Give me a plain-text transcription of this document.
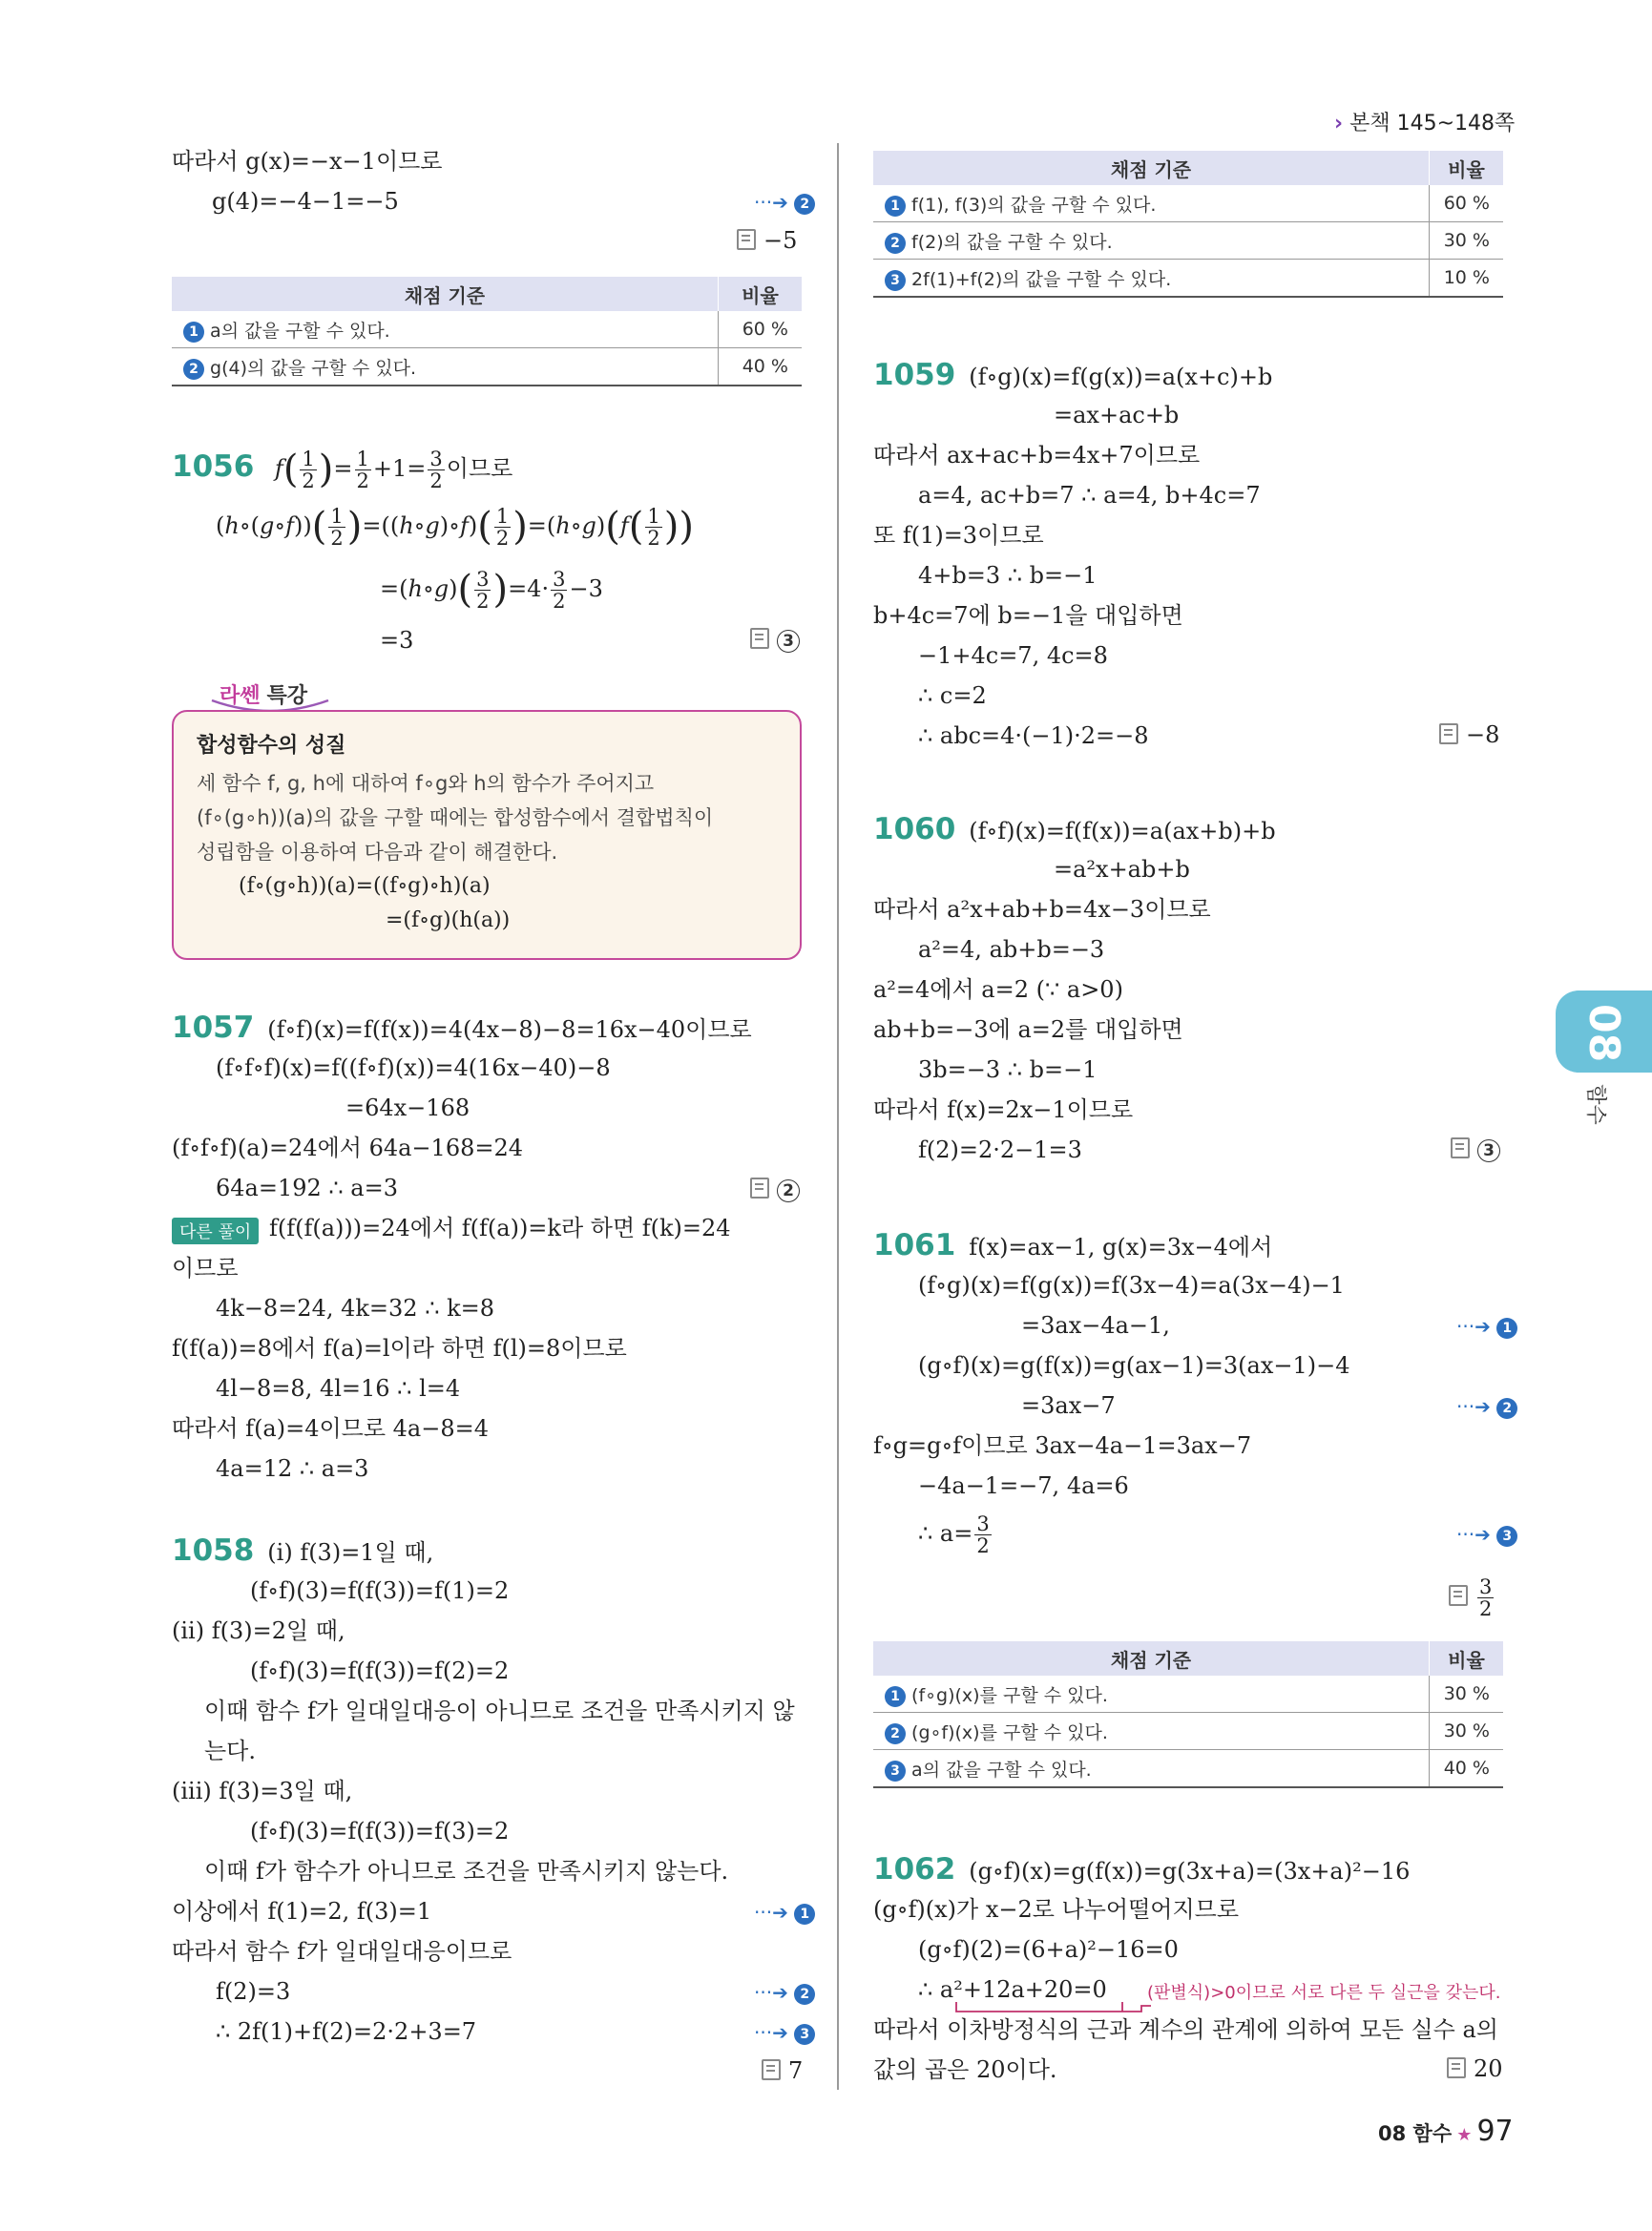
› 본책 145~148쪽
따라서 g(x)=−x−1이므로
g(4)=−4−1=−5	···➔ 2
−5
채점 기준	비율
1 a의 값을 구할 수 있다.	60 %
2 g(4)의 값을 구할 수 있다.	40 %
1056 $f( \frac{1}{2}$ )= $\frac{1}{2} +1= \frac{3}{2}$ 이므로
(h∘(g∘f))( $\frac{1}{2}$ )=((h∘g)∘f)( $\frac{1}{2}$ )=(h∘g)(f( $\frac{1}{2}$ ))
=(h∘g)( $\frac{3}{2} )=4\cdot \frac{3}{2} -3$
=3	3
라쎈 특강
합성함수의 성질
세 함수 f, g, h에 대하여 f∘g와 h의 함수가 주어지고
(f∘(g∘h))(a)의 값을 구할 때에는 합성함수에서 결합법칙이
성립함을 이용하여 다음과 같이 해결한다.
(f∘(g∘h))(a)=((f∘g)∘h)(a)
=(f∘g)(h(a))
1057 (f∘f)(x)=f(f(x))=4(4x−8)−8=16x−40이므로
(f∘f∘f)(x)=f((f∘f)(x))=4(16x−40)−8
=64x−168
(f∘f∘f)(a)=24에서 64a−168=24
64a=192 ∴ a=3	2
다른 풀이 f(f(f(a)))=24에서 f(f(a))=k라 하면 f(k)=24
이므로
4k−8=24, 4k=32 ∴ k=8
f(f(a))=8에서 f(a)=l이라 하면 f(l)=8이므로
4l−8=8, 4l=16 ∴ l=4
따라서 f(a)=4이므로 4a−8=4
4a=12 ∴ a=3
1058 (i) f(3)=1일 때,
(f∘f)(3)=f(f(3))=f(1)=2
(ii) f(3)=2일 때,
(f∘f)(3)=f(f(3))=f(2)=2
이때 함수 f가 일대일대응이 아니므로 조건을 만족시키지 않
는다.
(iii) f(3)=3일 때,
(f∘f)(3)=f(f(3))=f(3)=2
이때 f가 함수가 아니므로 조건을 만족시키지 않는다.
이상에서 f(1)=2, f(3)=1	···➔ 1
따라서 함수 f가 일대일대응이므로
f(2)=3	···➔ 2
∴ 2f(1)+f(2)=2·2+3=7	···➔ 3
7
채점 기준	비율
1 f(1), f(3)의 값을 구할 수 있다.	60 %
2 f(2)의 값을 구할 수 있다.	30 %
3 2f(1)+f(2)의 값을 구할 수 있다.	10 %
1059 (f∘g)(x)=f(g(x))=a(x+c)+b
=ax+ac+b
따라서 ax+ac+b=4x+7이므로
a=4, ac+b=7 ∴ a=4, b+4c=7
또 f(1)=3이므로
4+b=3 ∴ b=−1
b+4c=7에 b=−1을 대입하면
−1+4c=7, 4c=8
∴ c=2
∴ abc=4·(−1)·2=−8	−8
1060 (f∘f)(x)=f(f(x))=a(ax+b)+b
=a²x+ab+b
따라서 a²x+ab+b=4x−3이므로
a²=4, ab+b=−3
a²=4에서 a=2 (∵ a>0)
ab+b=−3에 a=2를 대입하면
3b=−3 ∴ b=−1
따라서 f(x)=2x−1이므로
f(2)=2·2−1=3	3
1061 f(x)=ax−1, g(x)=3x−4에서
(f∘g)(x)=f(g(x))=f(3x−4)=a(3x−4)−1
=3ax−4a−1,	···➔ 1
(g∘f)(x)=g(f(x))=g(ax−1)=3(ax−1)−4
=3ax−7	···➔ 2
f∘g=g∘f이므로 3ax−4a−1=3ax−7
−4a−1=−7, 4a=6
∴ $a= \frac{3}{2}$	···➔ 3
$\frac{3}{2}$
채점 기준	비율
1 (f∘g)(x)를 구할 수 있다.	30 %
2 (g∘f)(x)를 구할 수 있다.	30 %
3 a의 값을 구할 수 있다.	40 %
1062 (g∘f)(x)=g(f(x))=g(3x+a)=(3x+a)²−16
(g∘f)(x)가 x−2로 나누어떨어지므로
(g∘f)(2)=(6+a)²−16=0
∴ a²+12a+20=0 (판별식)>0이므로 서로 다른 두 실근을 갖는다.
따라서 이차방정식의 근과 계수의 관계에 의하여 모든 실수 a의
값의 곱은 20이다.	20
08
함수
08 함수 ★ 97
